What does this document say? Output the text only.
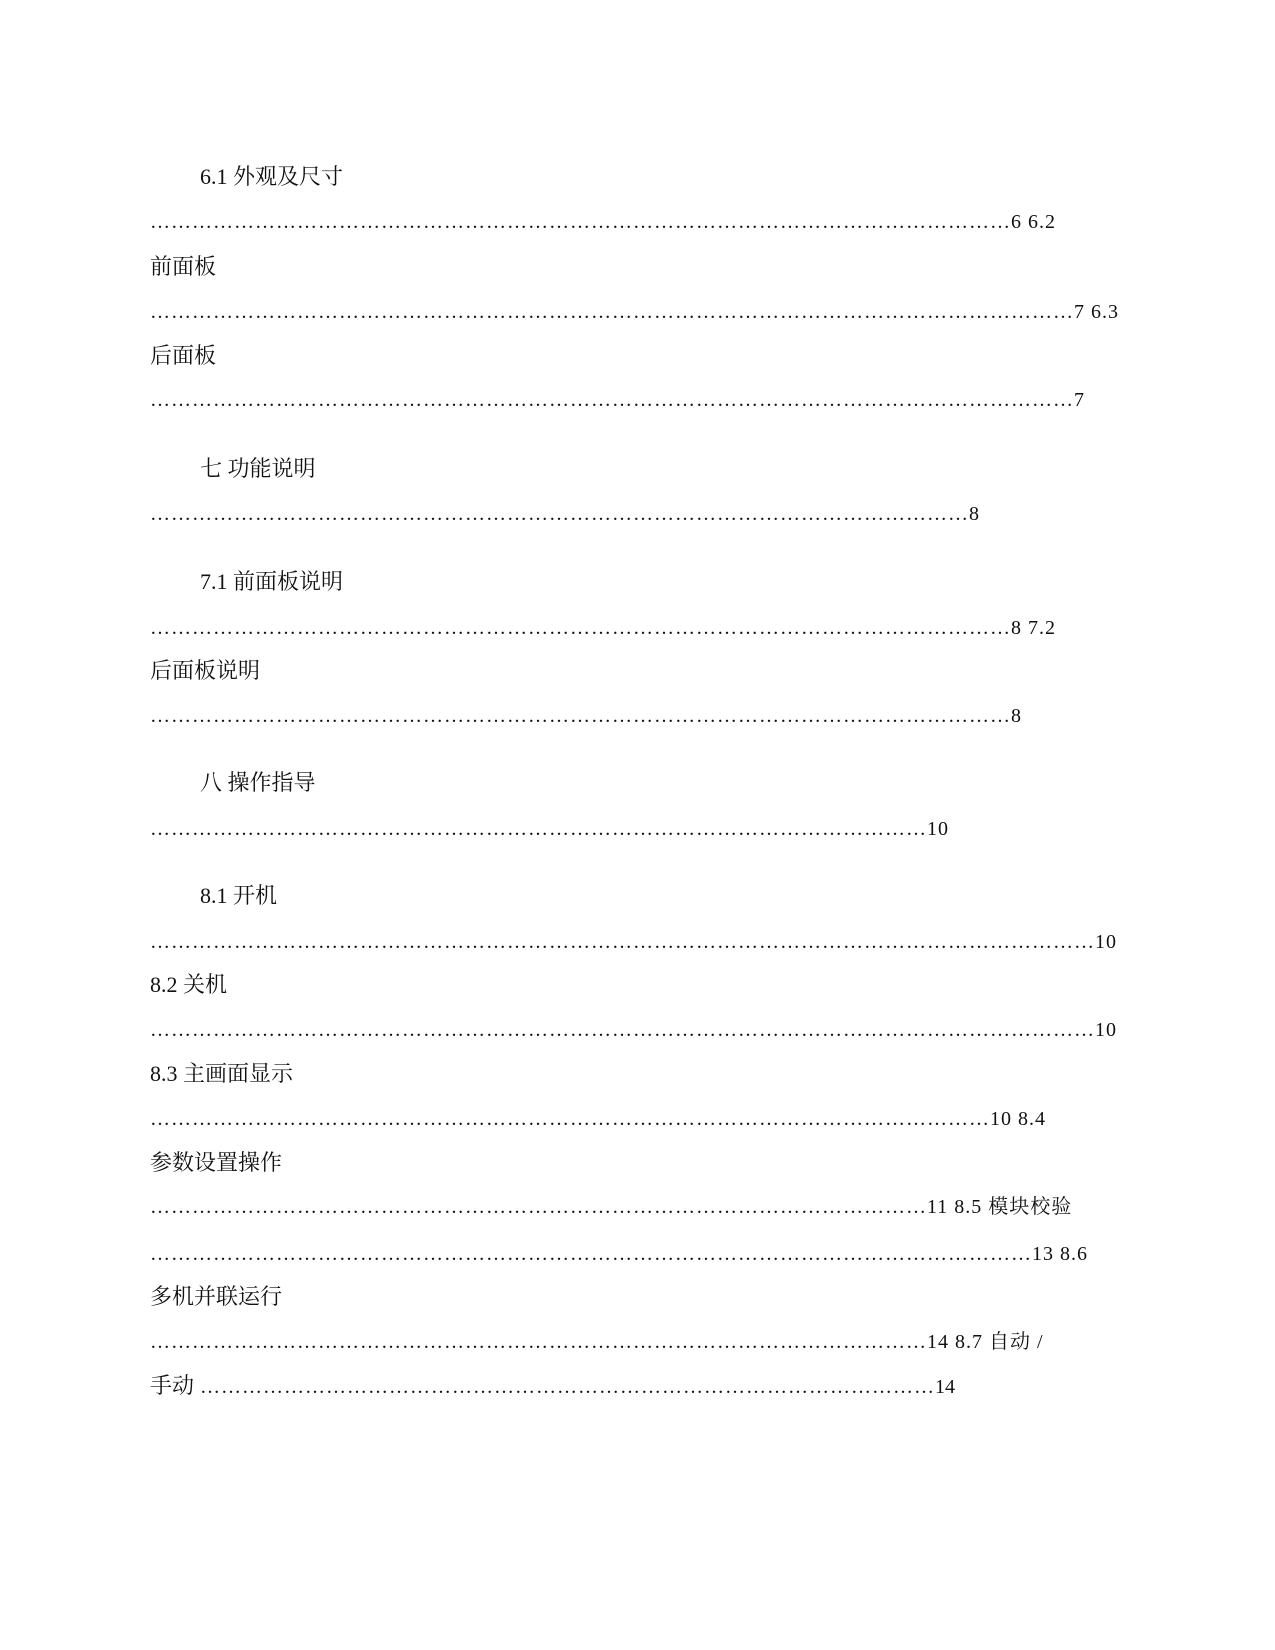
6.1 外观及尺寸

……………………………………………………………………………………………………………6 6.2

前面板

……………………………………………………………………………………………………………………7 6.3

后面板

……………………………………………………………………………………………………………………7

七 功能说明

………………………………………………………………………………………………………8

7.1 前面板说明

……………………………………………………………………………………………………………8 7.2

后面板说明

……………………………………………………………………………………………………………8

八 操作指导

…………………………………………………………………………………………………10

8.1 开机

………………………………………………………………………………………………………………………10

8.2 关机

………………………………………………………………………………………………………………………10

8.3 主画面显示

…………………………………………………………………………………………………………10 8.4

参数设置操作

…………………………………………………………………………………………………11 8.5 模块校验

………………………………………………………………………………………………………………13 8.6

多机并联运行

…………………………………………………………………………………………………14 8.7 自动 /

手动 ……………………………………………………………………………………………14
